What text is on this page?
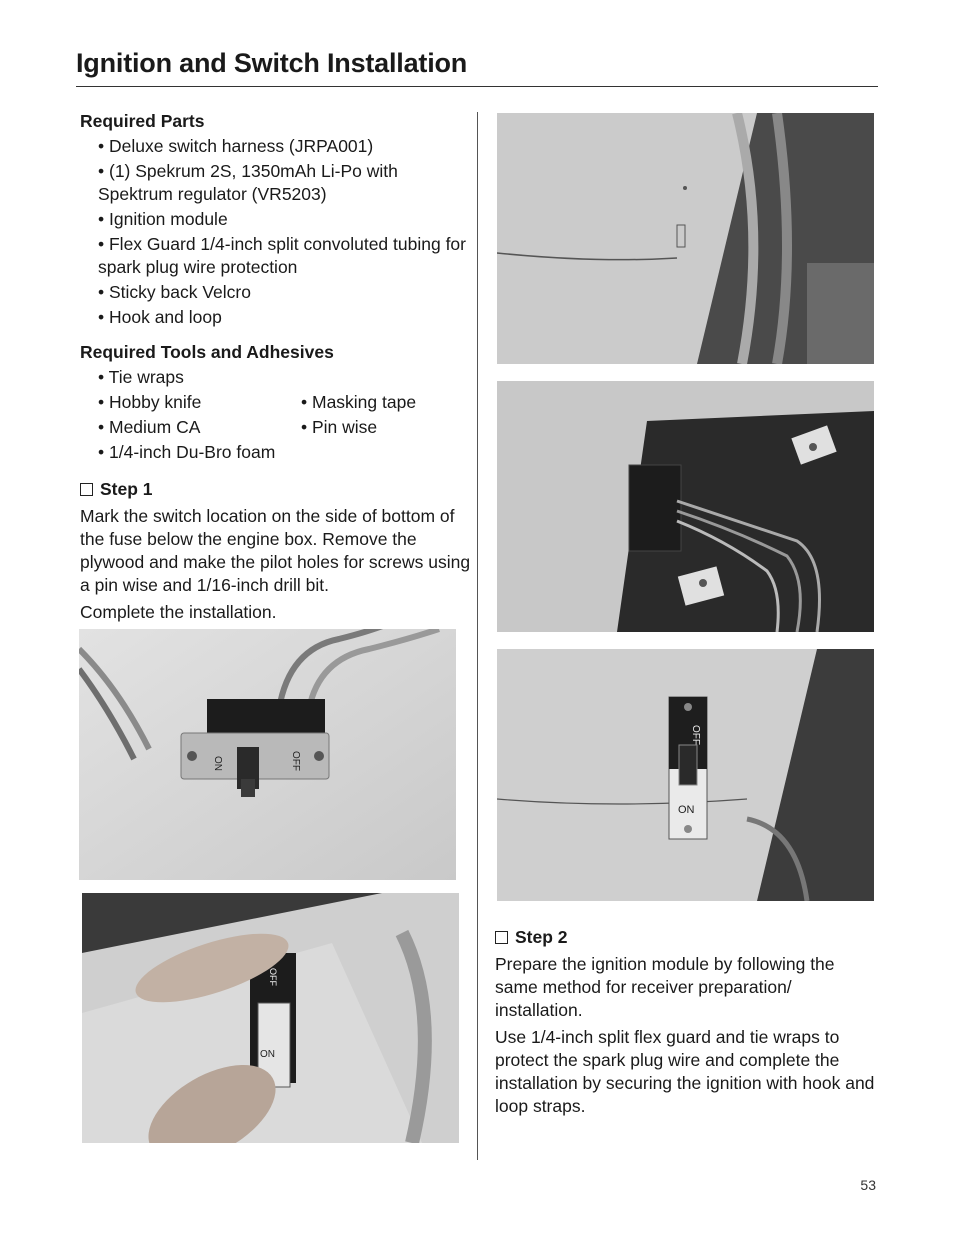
Ignition and Switch Installation

Required Parts

• Deluxe switch harness (JRPA001)
• (1) Spekrum 2S, 1350mAh Li-Po with Spektrum regulator (VR5203)
• Ignition module
• Flex Guard 1/4-inch split convoluted tubing for spark plug wire protection
• Sticky back Velcro
• Hook and loop

Required Tools and Adhesives

• Tie wraps
• Hobby knife	• Masking tape
• Medium CA	• Pin wise
• 1/4-inch Du-Bro foam
Step 1

Mark the switch location on the side of bottom of the fuse below the engine box. Remove the plywood and make the pilot holes for screws using a pin wise and 1/16-inch drill bit.

Complete the installation.

ON	OFF
ON
OFF
OFF
ON
Step 2

Prepare the ignition module by following the same method for receiver preparation/ installation.

Use 1/4-inch split flex guard and tie wraps to protect the spark plug wire and complete the installation by securing the ignition with hook and loop straps.

53
